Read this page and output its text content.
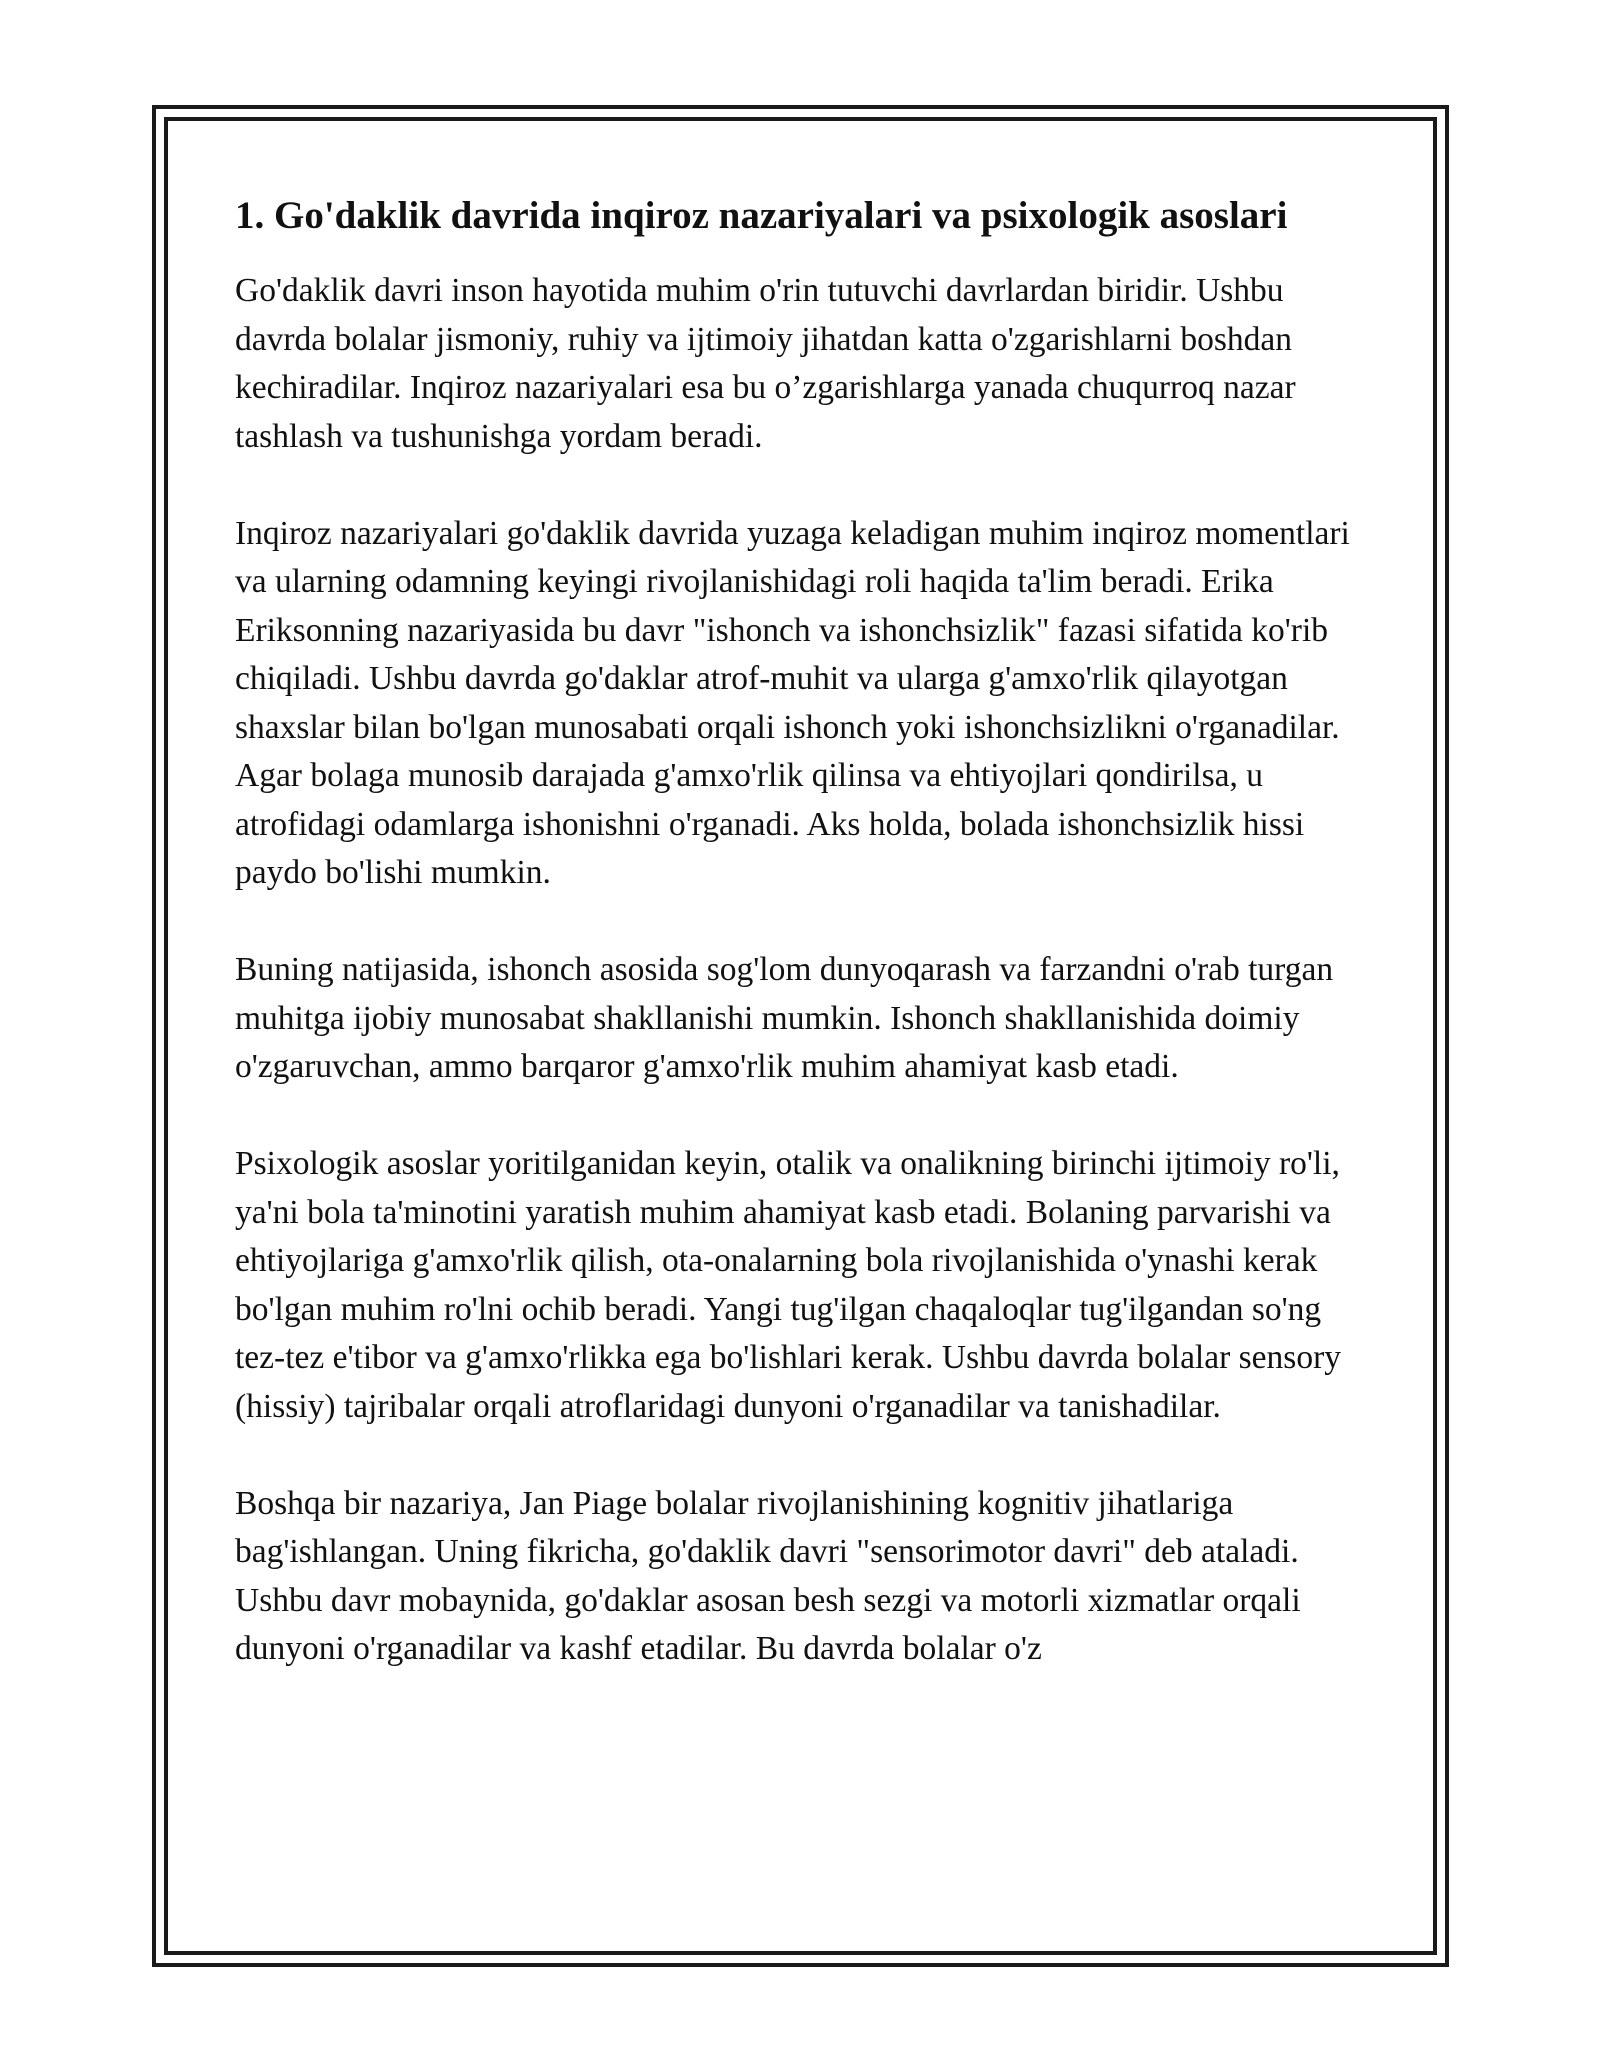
1. Go'daklik davrida inqiroz nazariyalari va psixologik asoslari

Go'daklik davri inson hayotida muhim o'rin tutuvchi davrlardan biridir. Ushbu davrda bolalar jismoniy, ruhiy va ijtimoiy jihatdan katta o'zgarishlarni boshdan kechiradilar. Inqiroz nazariyalari esa bu o’zgarishlarga yanada chuqurroq nazar tashlash va tushunishga yordam beradi.

Inqiroz nazariyalari go'daklik davrida yuzaga keladigan muhim inqiroz momentlari va ularning odamning keyingi rivojlanishidagi roli haqida ta'lim beradi. Erika Eriksonning nazariyasida bu davr "ishonch va ishonchsizlik" fazasi sifatida ko'rib chiqiladi. Ushbu davrda go'daklar atrof-muhit va ularga g'amxo'rlik qilayotgan shaxslar bilan bo'lgan munosabati orqali ishonch yoki ishonchsizlikni o'rganadilar. Agar bolaga munosib darajada g'amxo'rlik qilinsa va ehtiyojlari qondirilsa, u atrofidagi odamlarga ishonishni o'rganadi. Aks holda, bolada ishonchsizlik hissi paydo bo'lishi mumkin.

Buning natijasida, ishonch asosida sog'lom dunyoqarash va farzandni o'rab turgan muhitga ijobiy munosabat shakllanishi mumkin. Ishonch shakllanishida doimiy o'zgaruvchan, ammo barqaror g'amxo'rlik muhim ahamiyat kasb etadi.

Psixologik asoslar yoritilganidan keyin, otalik va onalikning birinchi ijtimoiy ro'li, ya'ni bola ta'minotini yaratish muhim ahamiyat kasb etadi. Bolaning parvarishi va ehtiyojlariga g'amxo'rlik qilish, ota-onalarning bola rivojlanishida o'ynashi kerak bo'lgan muhim ro'lni ochib beradi. Yangi tug'ilgan chaqaloqlar tug'ilgandan so'ng tez-tez e'tibor va g'amxo'rlikka ega bo'lishlari kerak. Ushbu davrda bolalar sensory (hissiy) tajribalar orqali atroflaridagi dunyoni o'rganadilar va tanishadilar.

Boshqa bir nazariya, Jan Piage bolalar rivojlanishining kognitiv jihatlariga bag'ishlangan. Uning fikricha, go'daklik davri "sensorimotor davri" deb ataladi. Ushbu davr mobaynida, go'daklar asosan besh sezgi va motorli xizmatlar orqali dunyoni o'rganadilar va kashf etadilar. Bu davrda bolalar o'z
